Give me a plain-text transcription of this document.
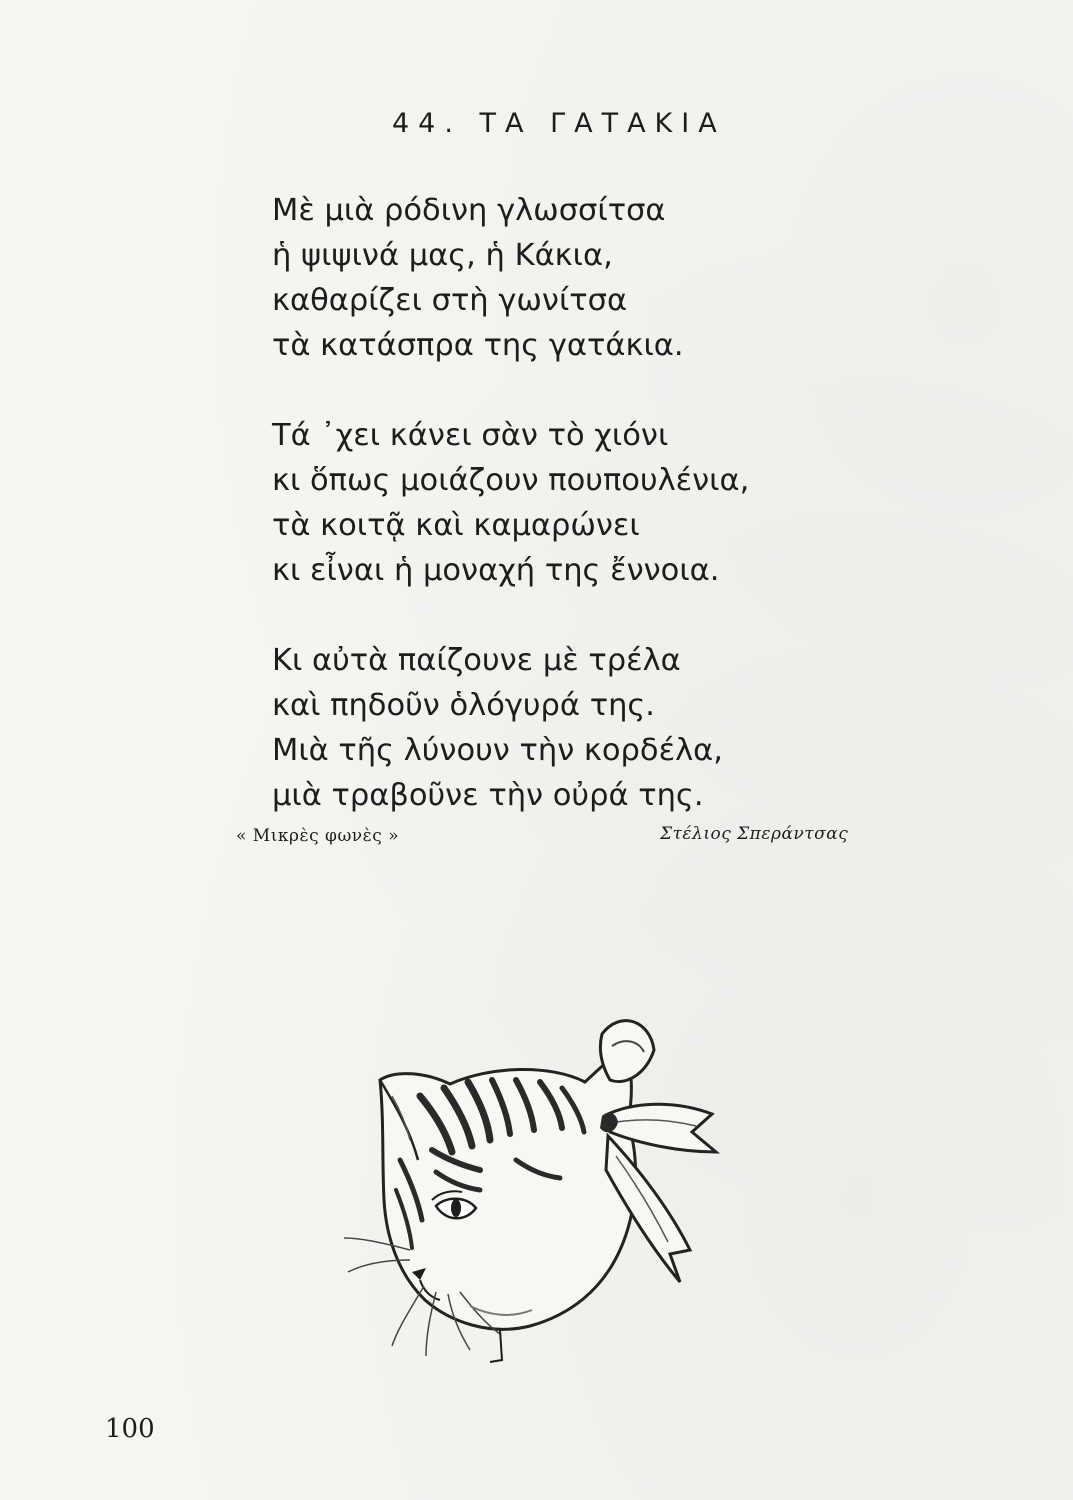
44. ΤΑ ΓΑΤΑΚΙΑ
Μὲ μιὰ ρόδινη γλωσσίτσα
ἡ ψιψινά μας, ἡ Κάκια,
καθαρίζει στὴ γωνίτσα
τὰ κατάσπρα της γατάκια.
Τά ᾿χει κάνει σὰν τὸ χιόνι
κι ὅπως μοιάζουν πουπουλένια,
τὰ κοιτᾷ καὶ καμαρώνει
κι εἶναι ἡ μοναχή της ἔννοια.
Κι αὐτὰ παίζουνε μὲ τρέλα
καὶ πηδοῦν ὁλόγυρά της.
Μιὰ τῆς λύνουν τὴν κορδέλα,
μιὰ τραβοῦνε τὴν οὐρά της.
« Μικρὲς φωνὲς »	Στέλιος Σπεράντσας
100
